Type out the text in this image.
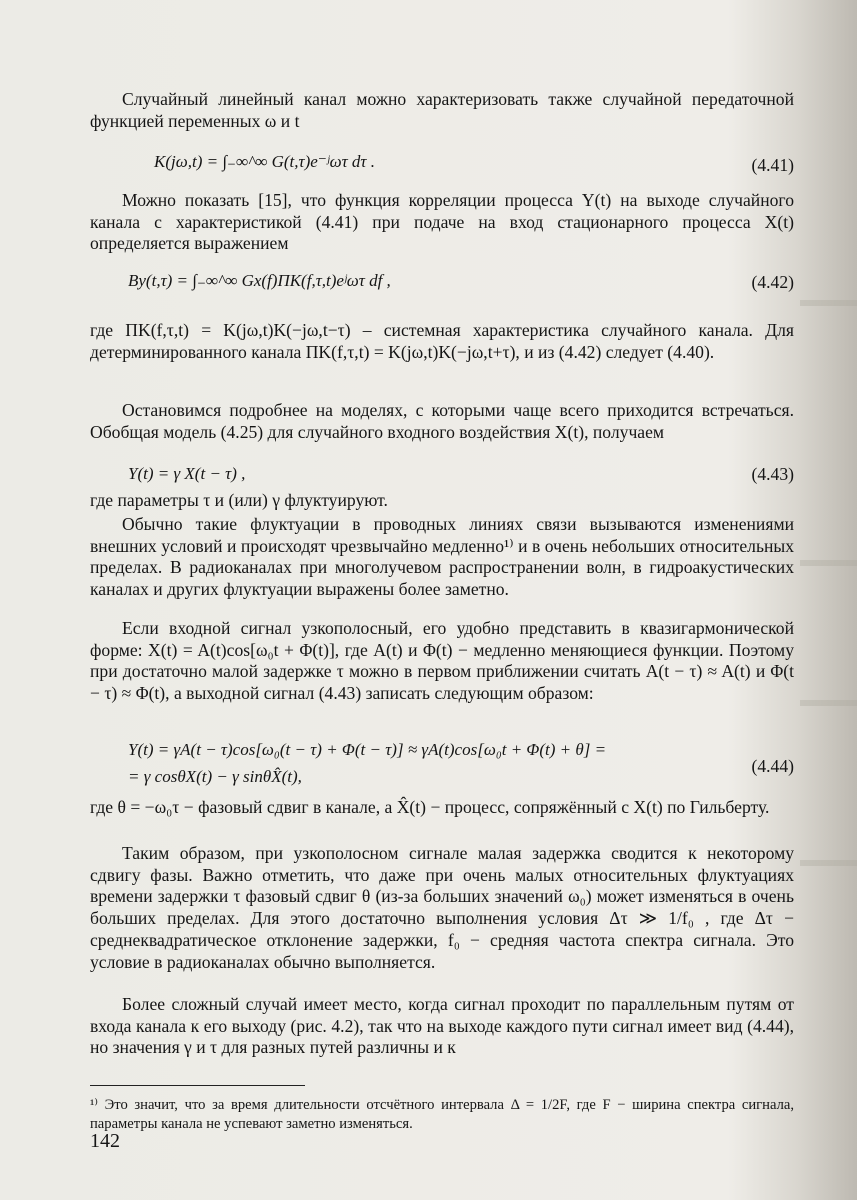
Случайный линейный канал можно характеризовать также случайной передаточной функцией переменных ω и t

K(jω,t) = ∫₋∞^∞ G(t,τ)e⁻ʲωτ dτ .	(4.41)

Можно показать [15], что функция корреляции процесса Y(t) на выходе случайного канала с характеристикой (4.41) при подаче на вход стационарного процесса X(t) определяется выражением

By(t,τ) = ∫₋∞^∞ Gx(f)ΠK(f,τ,t)eʲωτ df ,	(4.42)

где ΠK(f,τ,t) = K(jω,t)K(−jω,t−τ) – системная характеристика случайного канала. Для детерминированного канала ΠK(f,τ,t) = K(jω,t)K(−jω,t+τ), и из (4.42) следует (4.40).

Остановимся подробнее на моделях, с которыми чаще всего приходится встречаться. Обобщая модель (4.25) для случайного входного воздействия X(t), получаем

Y(t) = γ X(t − τ) ,	(4.43)

где параметры τ и (или) γ флуктуируют.

Обычно такие флуктуации в проводных линиях связи вызываются изменениями внешних условий и происходят чрезвычайно медленно¹⁾ и в очень небольших относительных пределах. В радиоканалах при многолучевом распространении волн, в гидроакустических каналах и других флуктуации выражены более заметно.

Если входной сигнал узкополосный, его удобно представить в квазигармонической форме: X(t) = A(t)cos[ω₀t + Φ(t)], где A(t) и Φ(t) − медленно меняющиеся функции. Поэтому при достаточно малой задержке τ можно в первом приближении считать A(t − τ) ≈ A(t) и Φ(t − τ) ≈ Φ(t), а выходной сигнал (4.43) записать следующим образом:

Y(t) = γA(t − τ)cos[ω₀(t − τ) + Φ(t − τ)] ≈ γA(t)cos[ω₀t + Φ(t) + θ] =
= γ cosθX(t) − γ sinθX̂(t),
(4.44)

где θ = −ω₀τ − фазовый сдвиг в канале, а X̂(t) − процесс, сопряжённый с X(t) по Гильберту.

Таким образом, при узкополосном сигнале малая задержка сводится к некоторому сдвигу фазы. Важно отметить, что даже при очень малых относительных флуктуациях времени задержки τ фазовый сдвиг θ (из-за больших значений ω₀) может изменяться в очень больших пределах. Для этого достаточно выполнения условия Δτ ≫ 1/f₀ , где Δτ − среднеквадратическое отклонение задержки, f₀ − средняя частота спектра сигнала. Это условие в радиоканалах обычно выполняется.

Более сложный случай имеет место, когда сигнал проходит по параллельным путям от входа канала к его выходу (рис. 4.2), так что на выходе каждого пути сигнал имеет вид (4.44), но значения γ и τ для разных путей различны и к

¹⁾ Это значит, что за время длительности отсчётного интервала Δ = 1/2F, где F − ширина спектра сигнала, параметры канала не успевают заметно изменяться.

142
